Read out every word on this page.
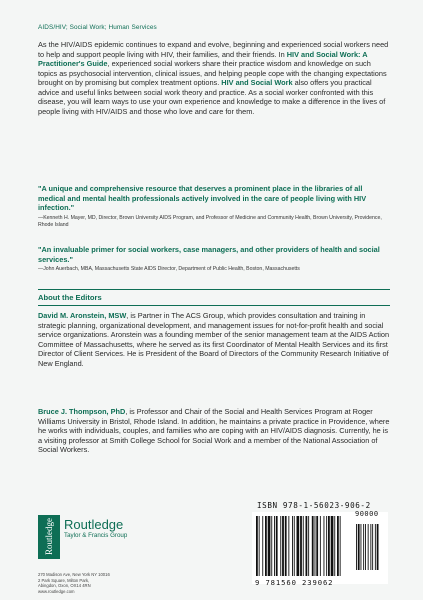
AIDS/HIV; Social Work; Human Services

As the HIV/AIDS epidemic continues to expand and evolve, beginning and experienced social workers need to help and support people living with HIV, their families, and their friends. In HIV and Social Work: A Practitioner's Guide, experienced social workers share their practice wisdom and knowledge on such topics as psychosocial intervention, clinical issues, and helping people cope with the changing expectations brought on by promising but complex treatment options. HIV and Social Work also offers you practical advice and useful links between social work theory and practice. As a social worker confronted with this disease, you will learn ways to use your own experience and knowledge to make a difference in the lives of people living with HIV/AIDS and those who love and care for them.

"A unique and comprehensive resource that deserves a prominent place in the libraries of all medical and mental health professionals actively involved in the care of people living with HIV infection."
—Kenneth H. Mayer, MD, Director, Brown University AIDS Program, and Professor of Medicine and Community Health, Brown University, Providence, Rhode Island
"An invaluable primer for social workers, case managers, and other providers of health and social services."
—John Auerbach, MBA, Massachusetts State AIDS Director, Department of Public Health, Boston, Massachusetts
About the Editors

David M. Aronstein, MSW, is Partner in The ACS Group, which provides consultation and training in strategic planning, organizational development, and management issues for not-for-profit health and social service organizations. Aronstein was a founding member of the senior management team at the AIDS Action Committee of Massachusetts, where he served as its first Coordinator of Mental Health Services and its first Director of Client Services. He is President of the Board of Directors of the Community Research Initiative of New England.

Bruce J. Thompson, PhD, is Professor and Chair of the Social and Health Services Program at Roger Williams University in Bristol, Rhode Island. In addition, he maintains a private practice in Providence, where he works with individuals, couples, and families who are coping with an HIV/AIDS diagnosis. Currently, he is a visiting professor at Smith College School for Social Work and a member of the National Association of Social Workers.

Routledge Routledge
Taylor & Francis Group
270 Madison Ave, New York NY 10016
2 Park Square, Milton Park,
Abingdon, Oxon, OX14 4RN
www.routledge.com
ISBN 978-1-56023-906-2
90000
9 781560 239062
